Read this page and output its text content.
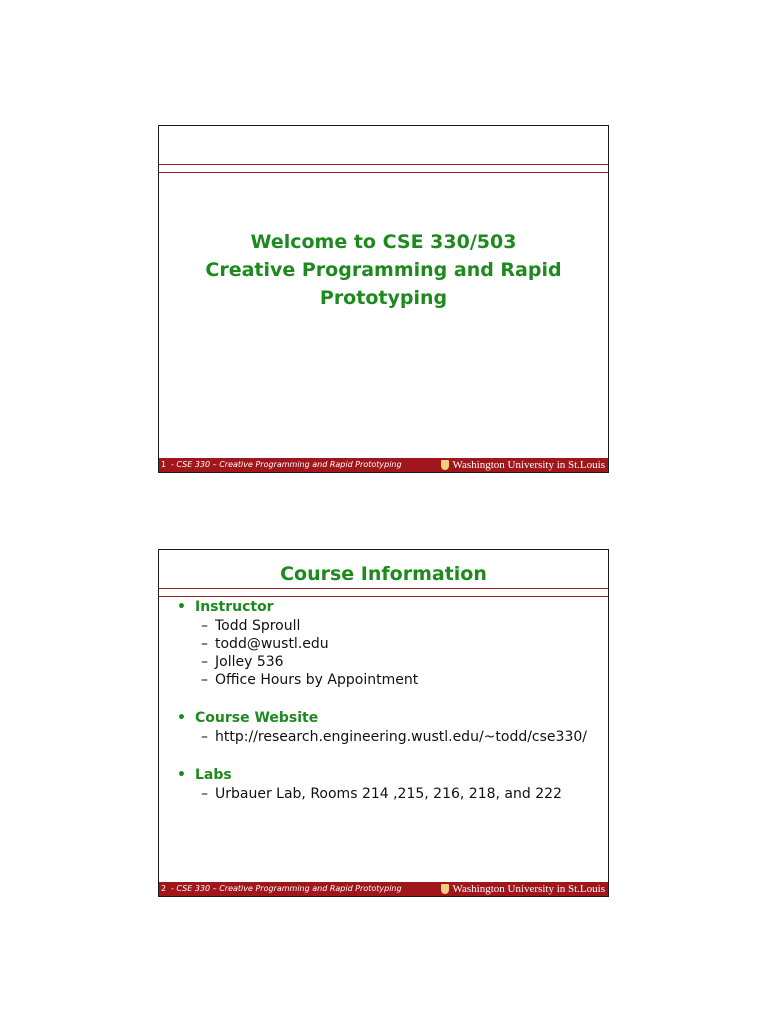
Welcome to CSE 330/503
Creative Programming and Rapid
Prototyping
1 - CSE 330 – Creative Programming and Rapid Prototyping	Washington University in St.Louis
Course Information
• Instructor
– Todd Sproull
– todd@wustl.edu
– Jolley 536
– Office Hours by Appointment
• Course Website
– http://research.engineering.wustl.edu/~todd/cse330/
• Labs
– Urbauer Lab, Rooms 214 ,215, 216, 218, and 222
2 - CSE 330 – Creative Programming and Rapid Prototyping	Washington University in St.Louis
